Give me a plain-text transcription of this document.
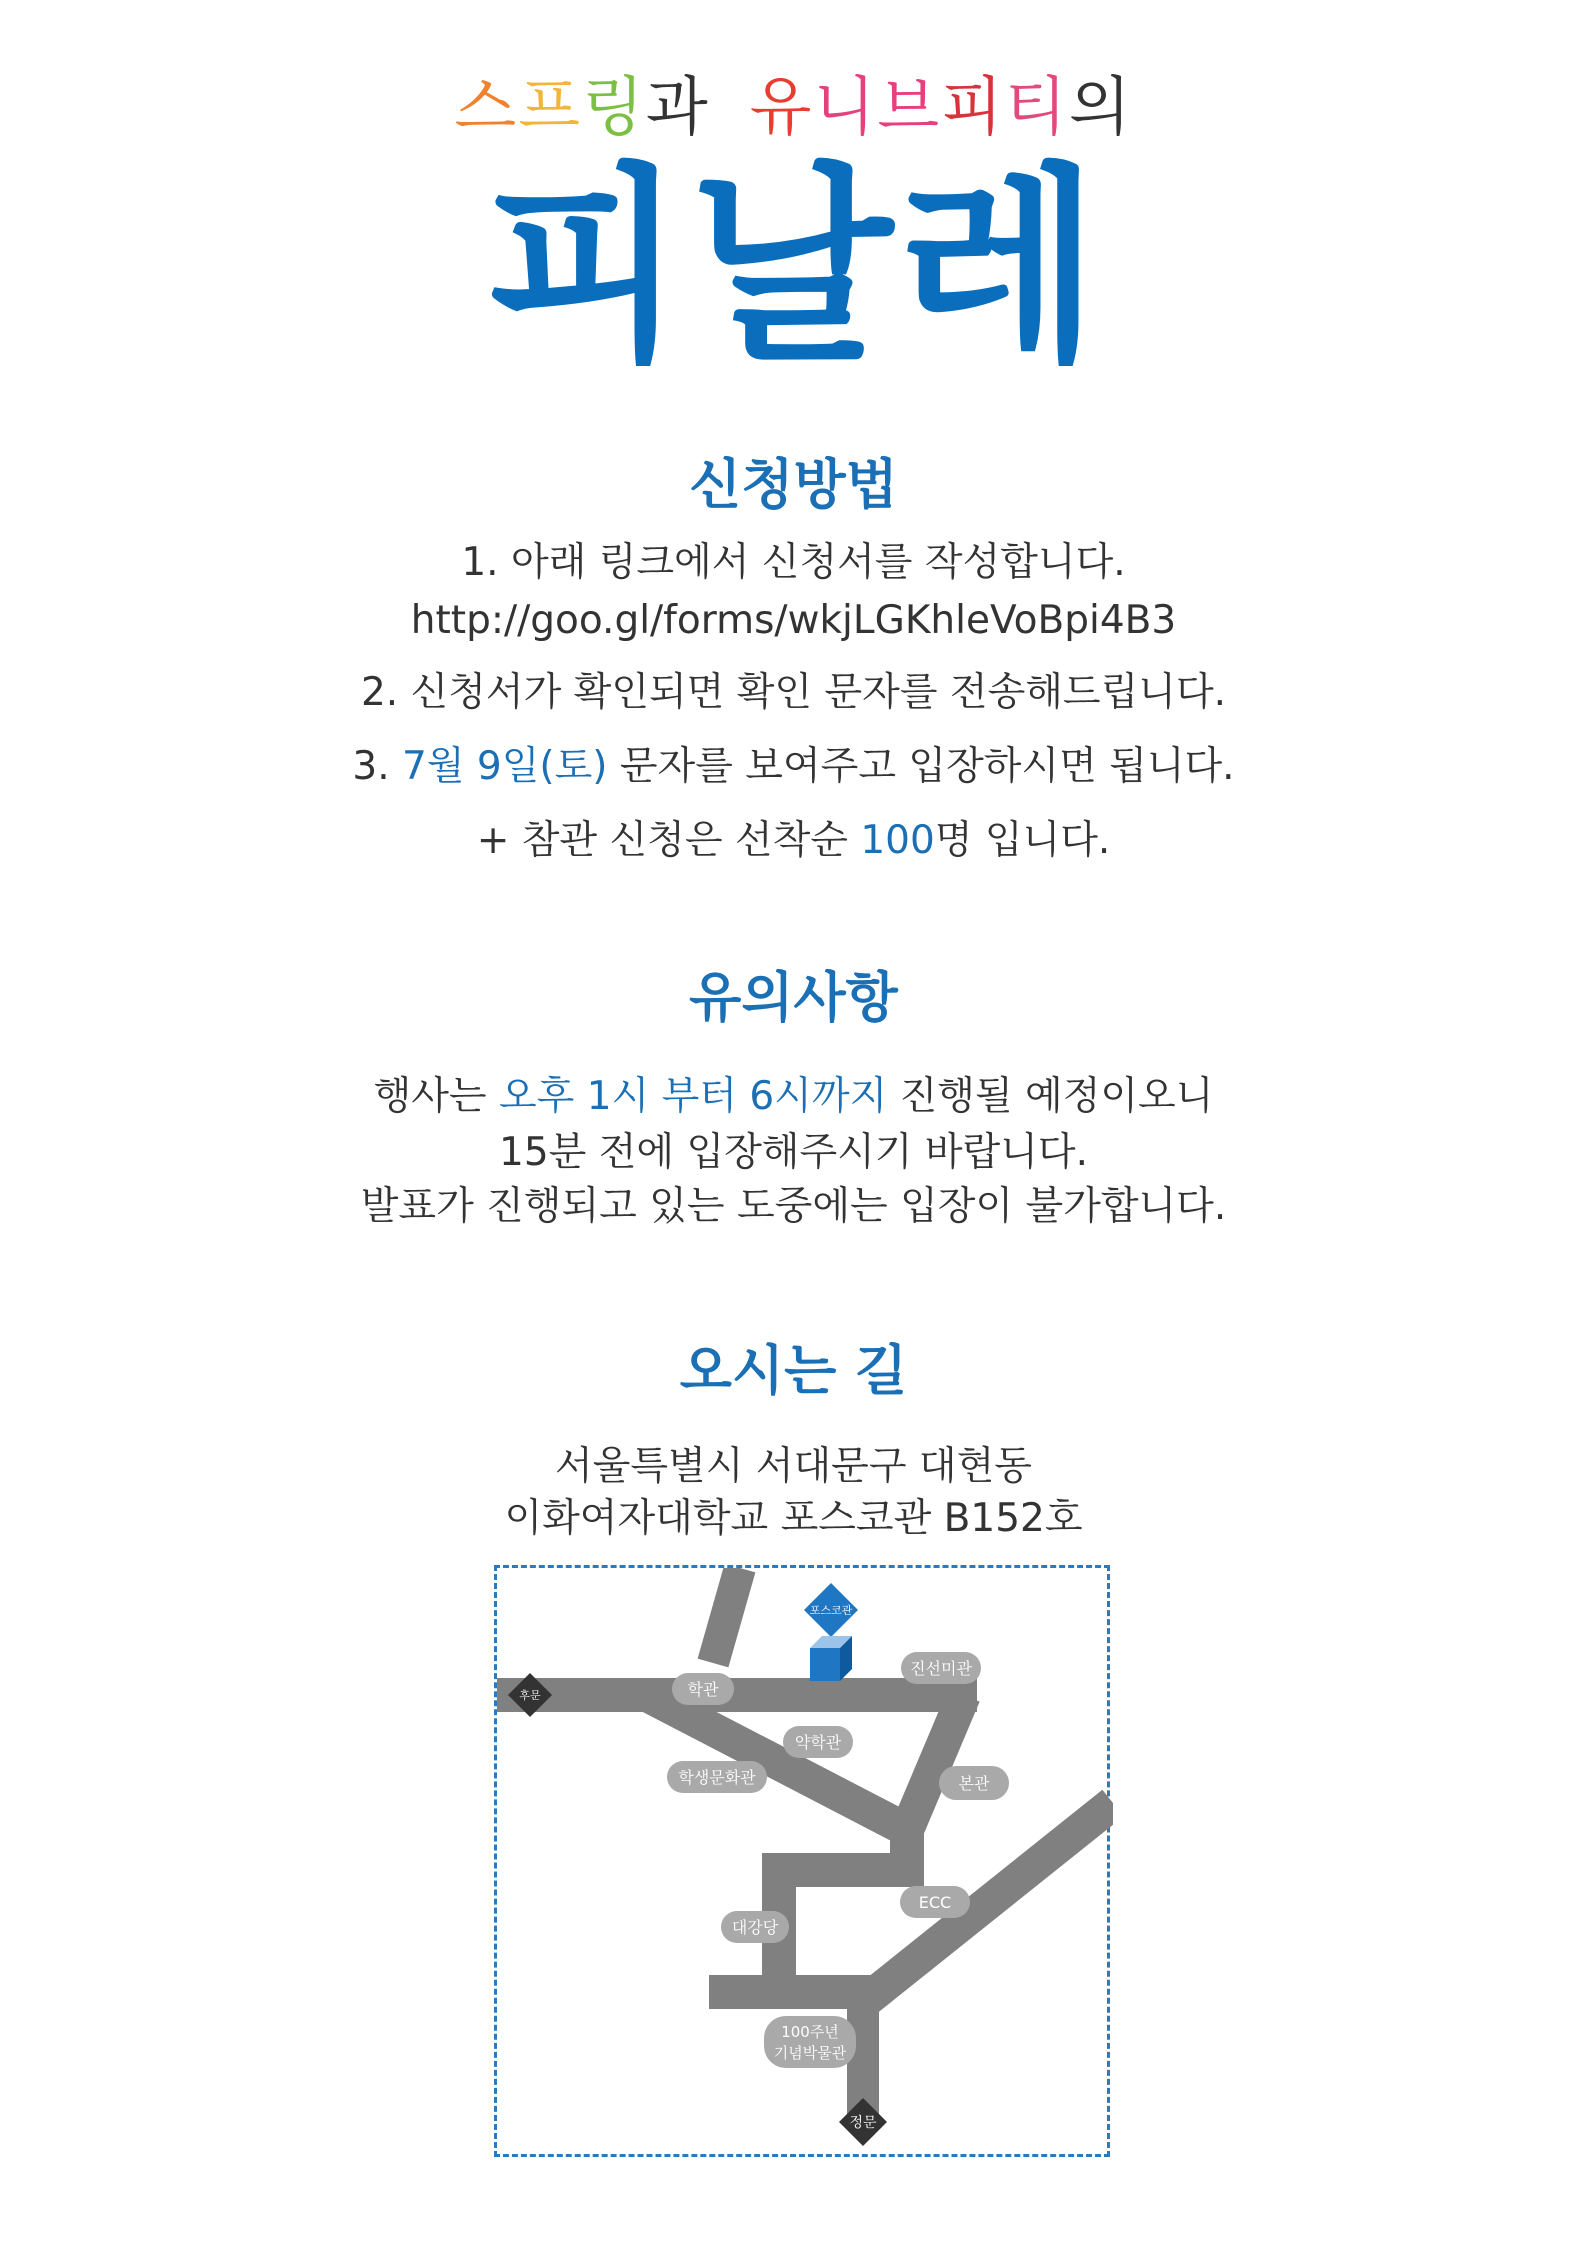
스프링과 유니브피티의
피날레
신청방법
1. 아래 링크에서 신청서를 작성합니다.
http://goo.gl/forms/wkjLGKhleVoBpi4B3
2. 신청서가 확인되면 확인 문자를 전송해드립니다.
3. 7월 9일(토) 문자를 보여주고 입장하시면 됩니다.
+ 참관 신청은 선착순 100명 입니다.
유의사항
행사는 오후 1시 부터 6시까지 진행될 예정이오니
15분 전에 입장해주시기 바랍니다.
발표가 진행되고 있는 도중에는 입장이 불가합니다.
오시는 길
서울특별시 서대문구 대현동
이화여자대학교 포스코관 B152호
포스코관
후문
정문
학관
진선미관
약학관
학생문화관	본관
ECC
대강당
100주년
기념박물관
